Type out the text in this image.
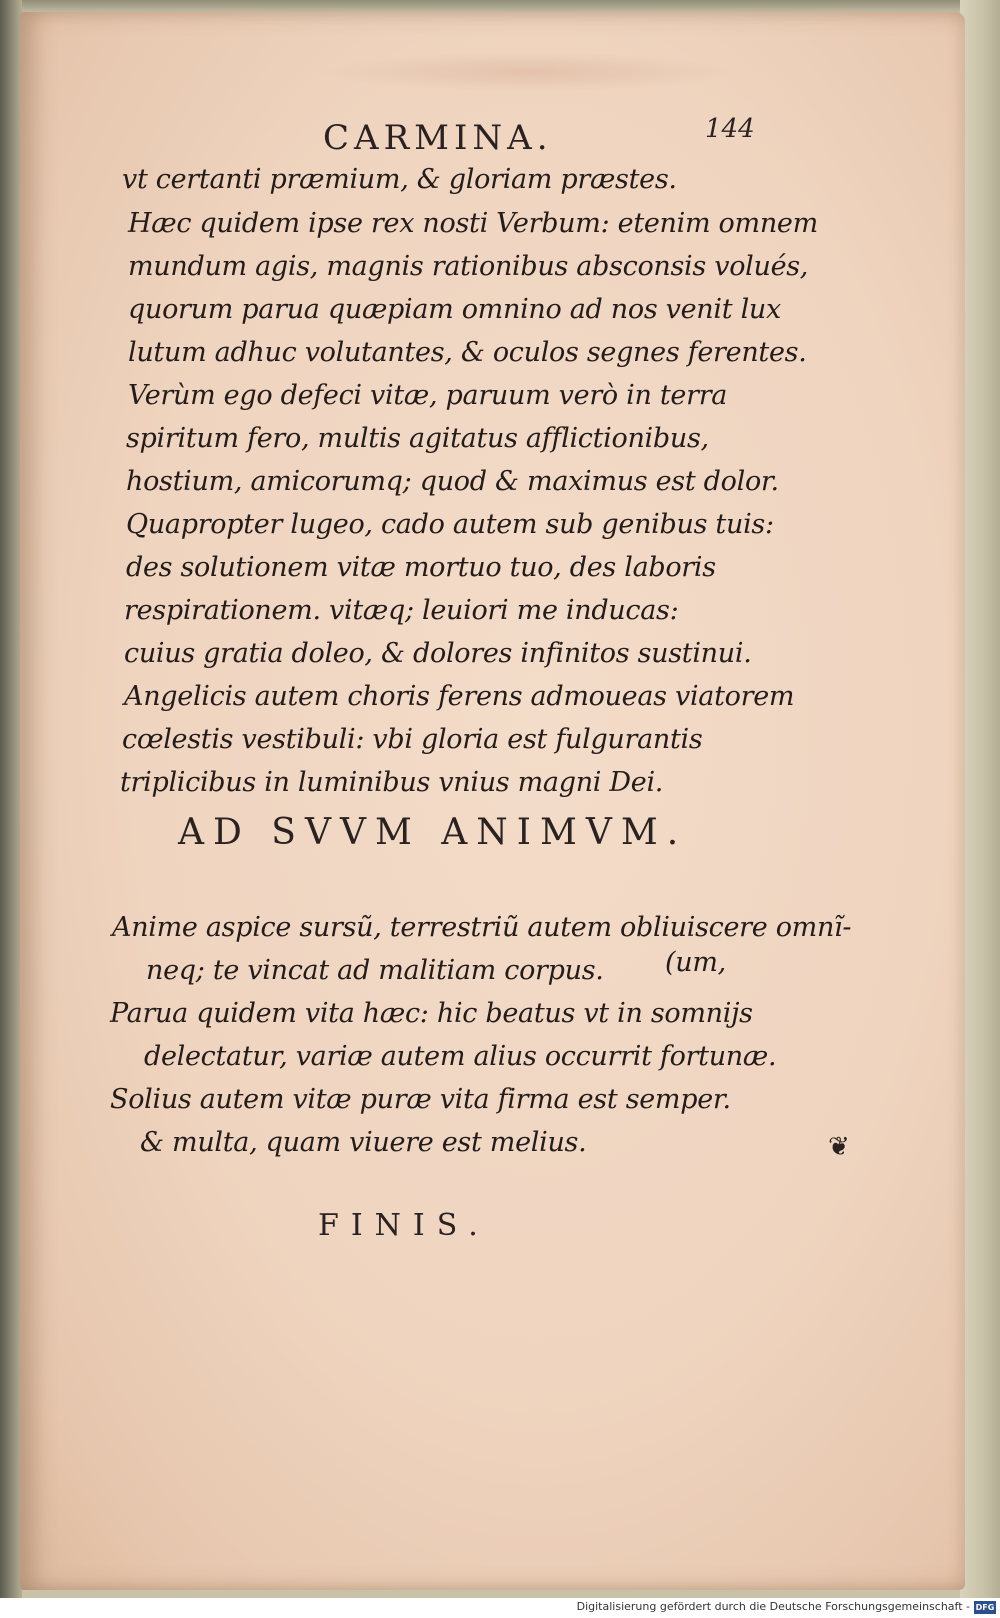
CARMINA.	144
vt certanti præmium, & gloriam præstes.
Hæc quidem ipse rex nosti Verbum: etenim omnem
mundum agis, magnis rationibus absconsis volués,
quorum parua quæpiam omnino ad nos venit lux
lutum adhuc volutantes, & oculos segnes ferentes.
Verùm ego defeci vitæ, paruum verò in terra
spiritum fero, multis agitatus afflictionibus,
hostium, amicorumq; quod & maximus est dolor.
Quapropter lugeo, cado autem sub genibus tuis:
des solutionem vitæ mortuo tuo, des laboris
respirationem. vitæq; leuiori me inducas:
cuius gratia doleo, & dolores infinitos sustinui.
Angelicis autem choris ferens admoueas viatorem
cœlestis vestibuli: vbi gloria est fulgurantis
triplicibus in luminibus vnius magni Dei.
AD SVVM ANIMVM.
Anime aspice sursũ, terrestriũ autem obliuiscere omnĩ-
neq; te vincat ad malitiam corpus. (um,
Parua quidem vita hæc: hic beatus vt in somnijs
delectatur, variæ autem alius occurrit fortunæ.
Solius autem vitæ puræ vita firma est semper.
& multa, quam viuere est melius.	❦
FINIS.
Digitalisierung gefördert durch die Deutsche Forschungsgemeinschaft - DFG
